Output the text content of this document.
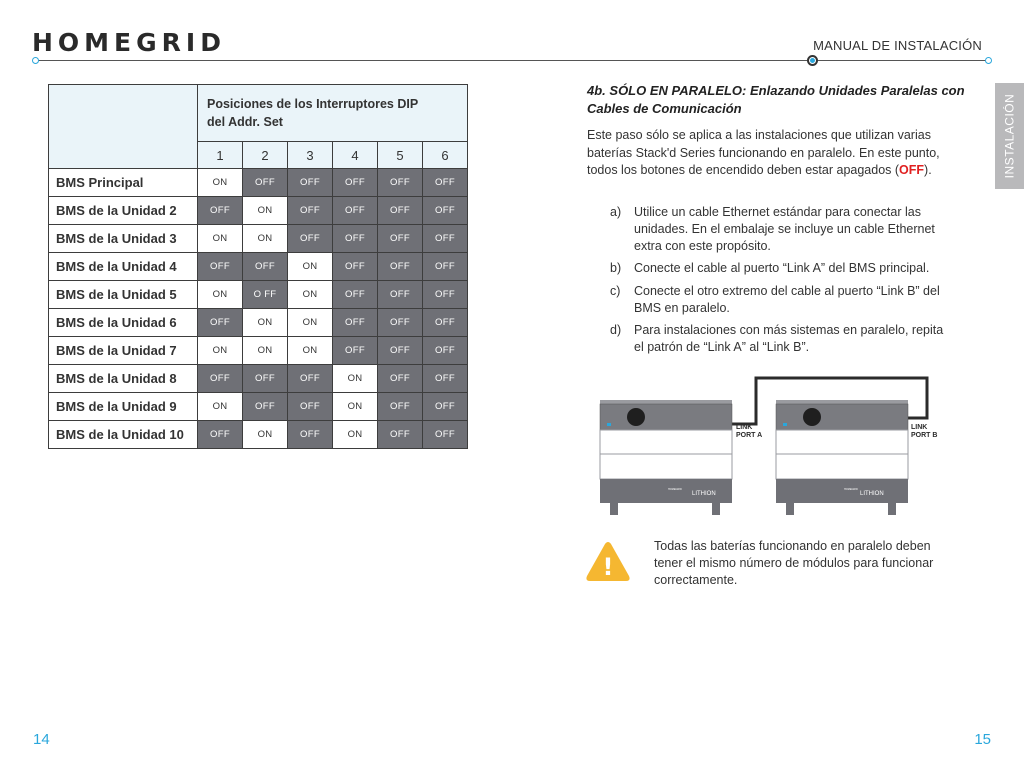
HOMEGRID	MANUAL DE INSTALACIÓN
INSTALACIÓN

	Posiciones de los Interruptores DIP del Addr. Set					

	1	2	3	4	5	6
BMS Principal	ON	OFF	OFF	OFF	OFF	OFF
BMS de la Unidad 2	OFF	ON	OFF	OFF	OFF	OFF
BMS de la Unidad 3	ON	ON	OFF	OFF	OFF	OFF
BMS de la Unidad 4	OFF	OFF	ON	OFF	OFF	OFF
BMS de la Unidad 5	ON	O FF	ON	OFF	OFF	OFF
BMS de la Unidad 6	OFF	ON	ON	OFF	OFF	OFF
BMS de la Unidad 7	ON	ON	ON	OFF	OFF	OFF
BMS de la Unidad 8	OFF	OFF	OFF	ON	OFF	OFF
BMS de la Unidad 9	ON	OFF	OFF	ON	OFF	OFF
BMS de la Unidad 10	OFF	ON	OFF	ON	OFF	OFF
4b. SÓLO EN PARALELO: Enlazando Unidades Paralelas con Cables de Comunicación
Este paso sólo se aplica a las instalaciones que utilizan varias baterías Stack'd Series funcionando en paralelo. En este punto, todos los botones de encendido deben estar apagados (OFF).
a)	Utilice un cable Ethernet estándar para conectar las unidades. En el embalaje se incluye un cable Ethernet extra con este propósito.
b)	Conecte el cable al puerto “Link A” del BMS principal.
c)	Conecte el otro extremo del cable al puerto “Link B” del BMS en paralelo.
d)	Para instalaciones con más sistemas en paralelo, repita el patrón de “Link A” al “Link B”.
LITHION
HOMEGRID
LITHION
HOMEGRID
LINK
PORT A
LINK
PORT B
!
Todas las baterías funcionando en paralelo deben tener el mismo número de módulos para funcionar correctamente.
14	15
